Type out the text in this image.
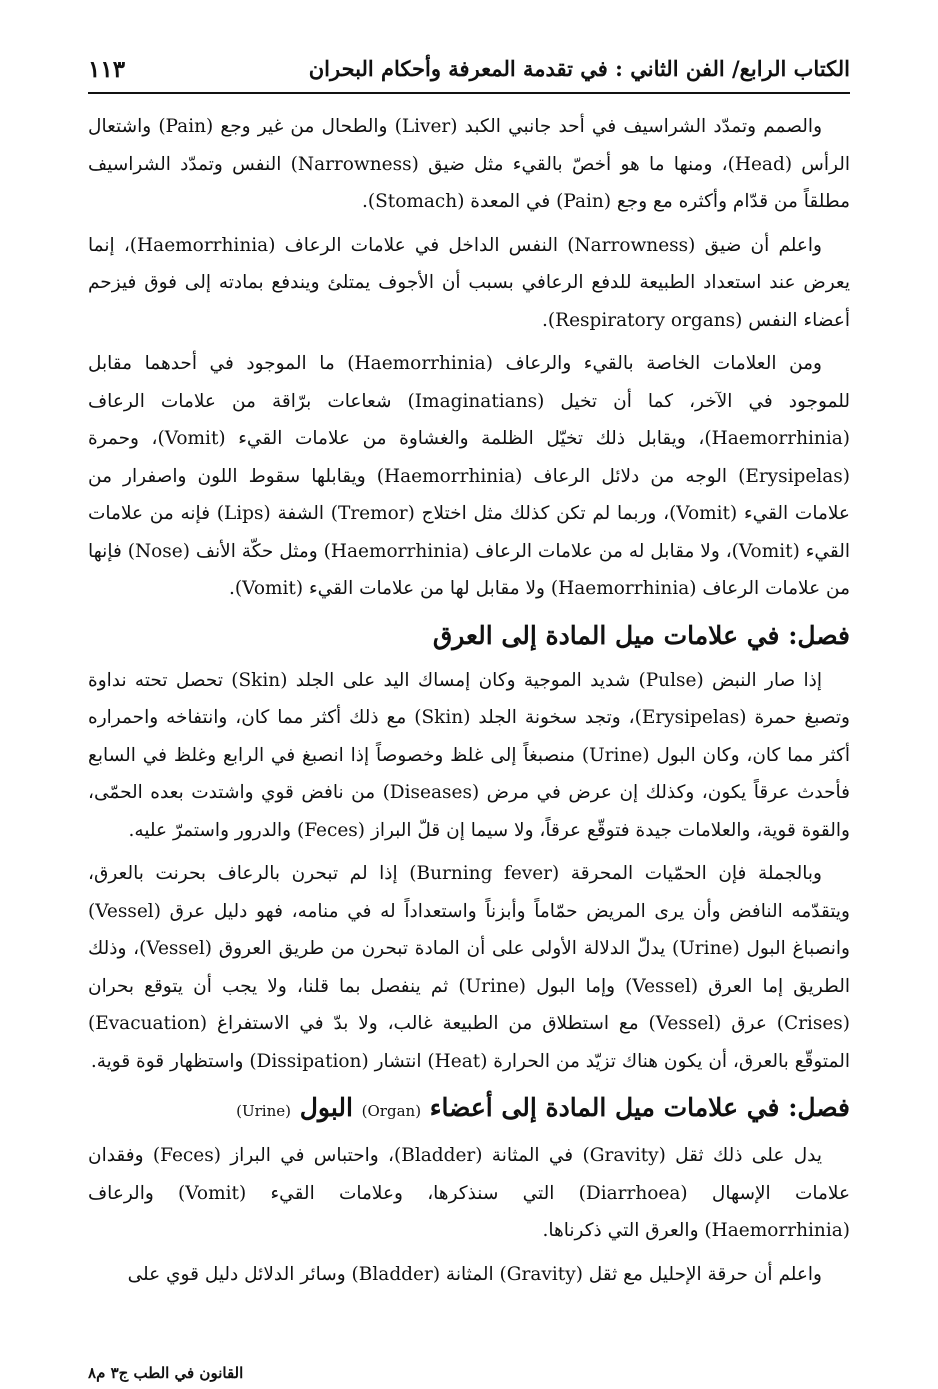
الكتاب الرابع/ الفن الثاني : في تقدمة المعرفة وأحكام البحران
١١٣

والصمم وتمدّد الشراسيف في أحد جانبي الكبد (Liver) والطحال من غير وجع (Pain) واشتعال الرأس (Head)، ومنها ما هو أخصّ بالقيء مثل ضيق (Narrowness) النفس وتمدّد الشراسيف مطلقاً من قدّام وأكثره مع وجع (Pain) في المعدة (Stomach).

واعلم أن ضيق (Narrowness) النفس الداخل في علامات الرعاف (Haemorrhinia)، إنما يعرض عند استعداد الطبيعة للدفع الرعافي بسبب أن الأجوف يمتلئ ويندفع بمادته إلى فوق فيزحم أعضاء النفس (Respiratory organs).

ومن العلامات الخاصة بالقيء والرعاف (Haemorrhinia) ما الموجود في أحدهما مقابل للموجود في الآخر، كما أن تخيل (Imaginatians) شعاعات برّاقة من علامات الرعاف (Haemorrhinia)، ويقابل ذلك تخيّل الظلمة والغشاوة من علامات القيء (Vomit)، وحمرة (Erysipelas) الوجه من دلائل الرعاف (Haemorrhinia) ويقابلها سقوط اللون واصفرار من علامات القيء (Vomit)، وربما لم تكن كذلك مثل اختلاج (Tremor) الشفة (Lips) فإنه من علامات القيء (Vomit)، ولا مقابل له من علامات الرعاف (Haemorrhinia) ومثل حكّة الأنف (Nose) فإنها من علامات الرعاف (Haemorrhinia) ولا مقابل لها من علامات القيء (Vomit).

فصل: في علامات ميل المادة إلى العرق

إذا صار النبض (Pulse) شديد الموجية وكان إمساك اليد على الجلد (Skin) تحصل تحته نداوة وتصبغ حمرة (Erysipelas)، وتجد سخونة الجلد (Skin) مع ذلك أكثر مما كان، وانتفاخه واحمراره أكثر مما كان، وكان البول (Urine) منصبغاً إلى غلظ وخصوصاً إذا انصبغ في الرابع وغلظ في السابع فأحدث عرقاً يكون، وكذلك إن عرض في مرض (Diseases) من نافض قوي واشتدت بعده الحمّى، والقوة قوية، والعلامات جيدة فتوقّع عرقاً، ولا سيما إن قلّ البراز (Feces) والدرور واستمرّ عليه.

وبالجملة فإن الحمّيات المحرقة (Burning fever) إذا لم تبحرن بالرعاف بحرنت بالعرق، ويتقدّمه النافض وأن يرى المريض حمّاماً وأبزناً واستعداداً له في منامه، فهو دليل عرق (Vessel) وانصباغ البول (Urine) يدلّ الدلالة الأولى على أن المادة تبحرن من طريق العروق (Vessel)، وذلك الطريق إما العرق (Vessel) وإما البول (Urine) ثم ينفصل بما قلنا، ولا يجب أن يتوقع بحران (Crises) عرق (Vessel) مع استطلاق من الطبيعة غالب، ولا بدّ في الاستفراغ (Evacuation) المتوقّع بالعرق، أن يكون هناك تزيّد من الحرارة (Heat) انتشار (Dissipation) واستظهار قوة قوية.

فصل: في علامات ميل المادة إلى أعضاء (Organ) البول (Urine)

يدل على ذلك ثقل (Gravity) في المثانة (Bladder)، واحتباس في البراز (Feces) وفقدان علامات الإسهال (Diarrhoea) التي سنذكرها، وعلامات القيء (Vomit) والرعاف (Haemorrhinia) والعرق التي ذكرناها.

واعلم أن حرقة الإحليل مع ثقل (Gravity) المثانة (Bladder) وسائر الدلائل دليل قوي على

القانون في الطب ج٣ م٨
